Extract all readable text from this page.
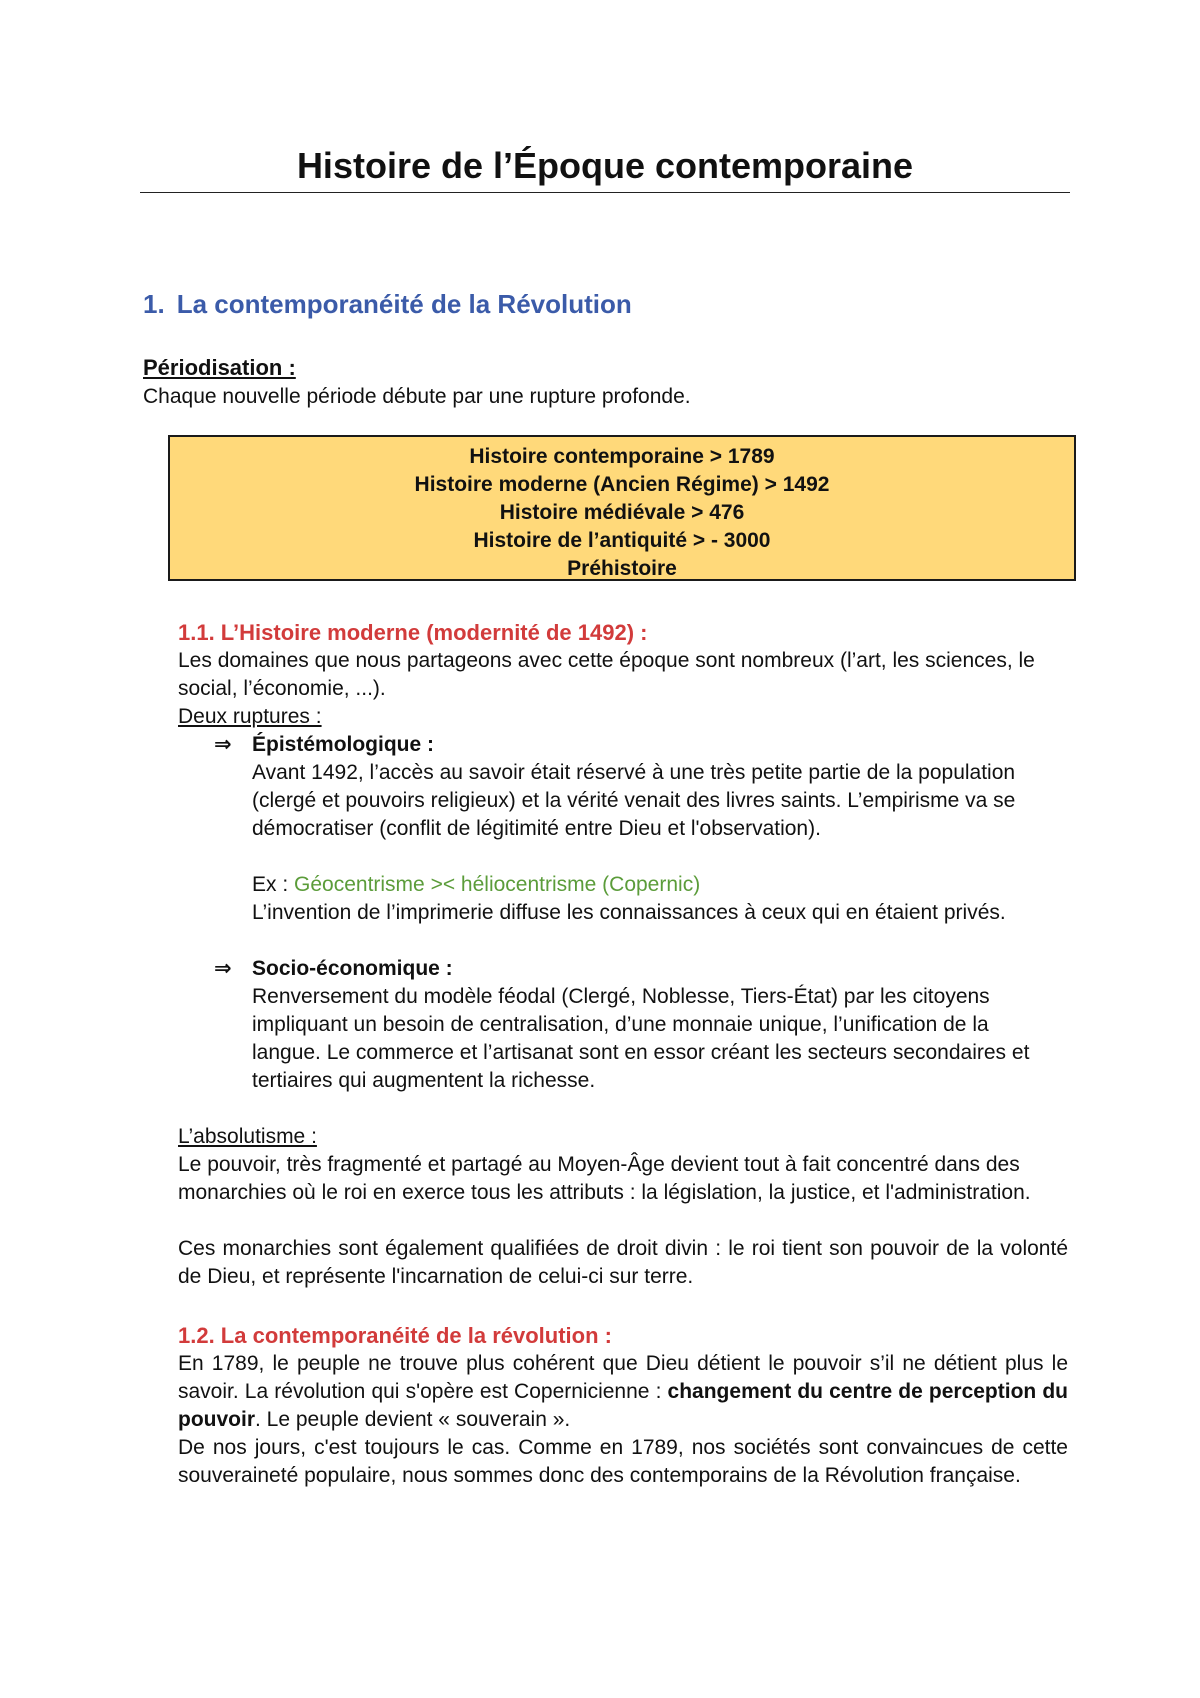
Histoire de l’Époque contemporaine
1. La contemporanéité de la Révolution
Périodisation :
Chaque nouvelle période débute par une rupture profonde.
Histoire contemporaine > 1789
Histoire moderne (Ancien Régime) > 1492
Histoire médiévale > 476
Histoire de l’antiquité > - 3000
Préhistoire
1.1. L’Histoire moderne (modernité de 1492) :

Les domaines que nous partageons avec cette époque sont nombreux (l’art, les sciences, le social, l’économie, ...).

Deux ruptures :
⇒ Épistémologique :

Avant 1492, l’accès au savoir était réservé à une très petite partie de la population (clergé et pouvoirs religieux) et la vérité venait des livres saints. L’empirisme va se démocratiser (conflit de légitimité entre Dieu et l'observation).

Ex : Géocentrisme >< héliocentrisme (Copernic)

L’invention de l’imprimerie diffuse les connaissances à ceux qui en étaient privés.

⇒ Socio-économique :

Renversement du modèle féodal (Clergé, Noblesse, Tiers-État) par les citoyens impliquant un besoin de centralisation, d’une monnaie unique, l’unification de la langue. Le commerce et l’artisanat sont en essor créant les secteurs secondaires et tertiaires qui augmentent la richesse.

L’absolutisme :

Le pouvoir, très fragmenté et partagé au Moyen-Âge devient tout à fait concentré dans des monarchies où le roi en exerce tous les attributs : la législation, la justice, et l'administration.

Ces monarchies sont également qualifiées de droit divin : le roi tient son pouvoir de la volonté de Dieu, et représente l'incarnation de celui-ci sur terre.

1.2. La contemporanéité de la révolution :

En 1789, le peuple ne trouve plus cohérent que Dieu détient le pouvoir s’il ne détient plus le savoir. La révolution qui s'opère est Copernicienne : changement du centre de perception du pouvoir. Le peuple devient « souverain ».

De nos jours, c'est toujours le cas. Comme en 1789, nos sociétés sont convaincues de cette souveraineté populaire, nous sommes donc des contemporains de la Révolution française.
